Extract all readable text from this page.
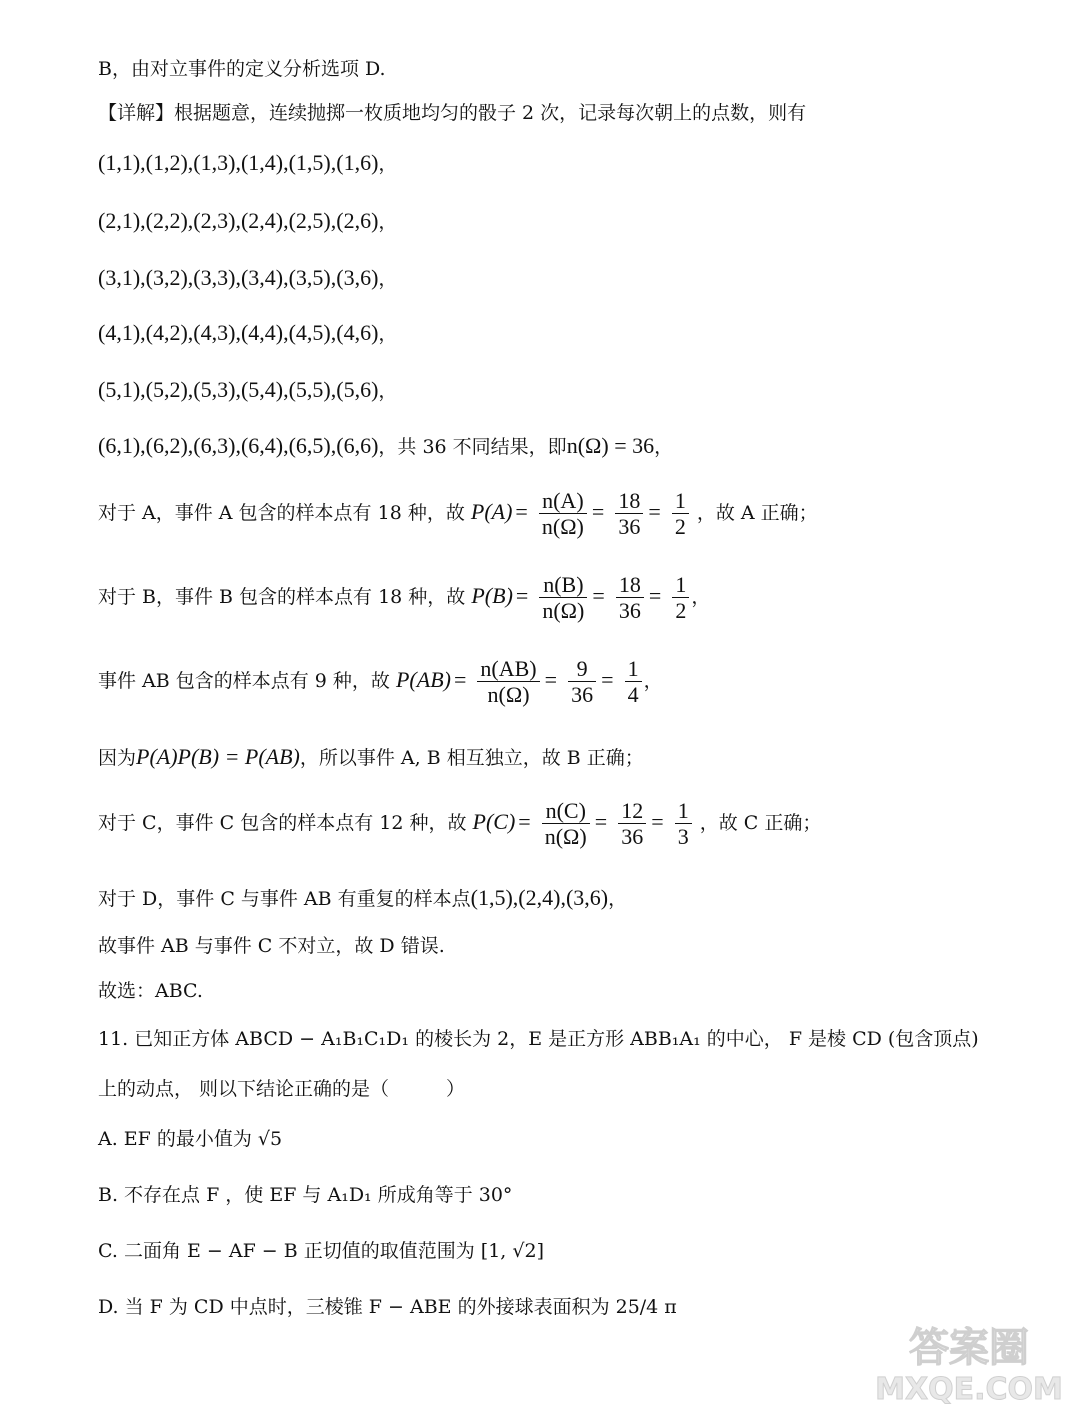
B，由对立事件的定义分析选项 D.
【详解】根据题意，连续抛掷一枚质地均匀的骰子 2 次，记录每次朝上的点数，则有
(1,1),(1,2),(1,3),(1,4),(1,5),(1,6)，
(2,1),(2,2),(2,3),(2,4),(2,5),(2,6)，
(3,1),(3,2),(3,3),(3,4),(3,5),(3,6)，
(4,1),(4,2),(4,3),(4,4),(4,5),(4,6)，
(5,1),(5,2),(5,3),(5,4),(5,5),(5,6)，
(6,1),(6,2),(6,3),(6,4),(6,5),(6,6)，共 36 不同结果，即n(Ω) = 36，
对于 A，事件 A 包含的样本点有 18 种，故 $P(A) = \frac{n(A)}{n(\Omega)} = \frac{18}{36} = \frac{1}{2}$ ，故 A 正确；
对于 B，事件 B 包含的样本点有 18 种，故 $P(B) = \frac{n(B)}{n(\Omega)} = \frac{18}{36} = \frac{1}{2}$ ，
事件 AB 包含的样本点有 9 种，故 $P(AB) = \frac{n(AB)}{n(\Omega)} = \frac{9}{36} = \frac{1}{4}$ ，
因为P(A)P(B) = P(AB)，所以事件 A, B 相互独立，故 B 正确；
对于 C，事件 C 包含的样本点有 12 种，故 $P(C) = \frac{n(C)}{n(\Omega)} = \frac{12}{36} = \frac{1}{3}$ ，故 C 正确；
对于 D，事件 C 与事件 AB 有重复的样本点(1,5),(2,4),(3,6)，
故事件 AB 与事件 C 不对立，故 D 错误.
故选：ABC.
11. 已知正方体 ABCD − A₁B₁C₁D₁ 的棱长为 2，E 是正方形 ABB₁A₁ 的中心， F 是棱 CD (包含顶点)
上的动点， 则以下结论正确的是（　　　）
A. EF 的最小值为 √5
B. 不存在点 F ，使 EF 与 A₁D₁ 所成角等于 30°
C. 二面角 E − AF − B 正切值的取值范围为 [1, √2]
D. 当 F 为 CD 中点时，三棱锥 F − ABE 的外接球表面积为 25/4 π
答案圈
MXQE.COM
